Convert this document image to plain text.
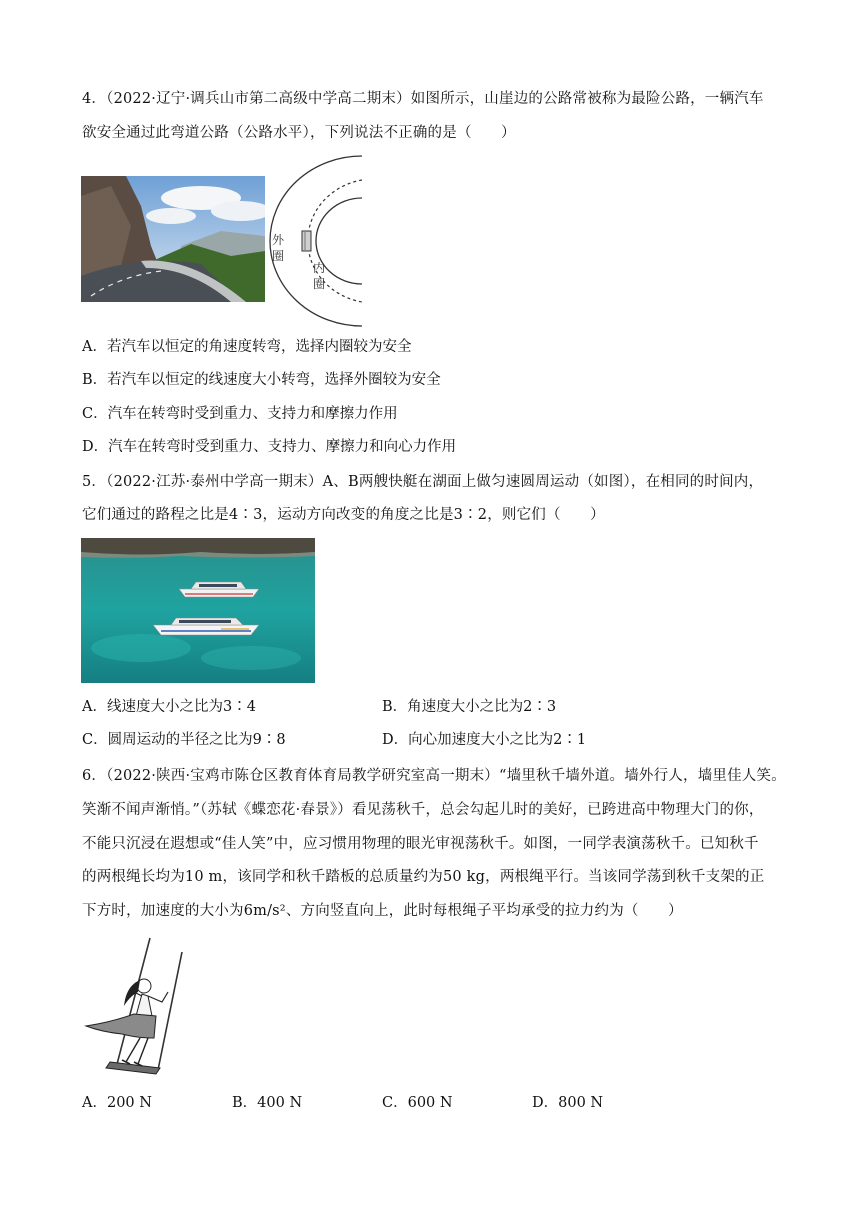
4．（2022·辽宁·调兵山市第二高级中学高二期末）如图所示，山崖边的公路常被称为最险公路，一辆汽车
欲安全通过此弯道公路（公路水平），下列说法不正确的是（　　）
外圈
内圈
A．若汽车以恒定的角速度转弯，选择内圈较为安全
B．若汽车以恒定的线速度大小转弯，选择外圈较为安全
C．汽车在转弯时受到重力、支持力和摩擦力作用
D．汽车在转弯时受到重力、支持力、摩擦力和向心力作用
5．（2022·江苏·泰州中学高一期末）A、B两艘快艇在湖面上做匀速圆周运动（如图），在相同的时间内，
它们通过的路程之比是4∶3，运动方向改变的角度之比是3∶2，则它们（　　）
A．线速度大小之比为3∶4	B．角速度大小之比为2∶3
C．圆周运动的半径之比为9∶8	D．向心加速度大小之比为2∶1
6．（2022·陕西·宝鸡市陈仓区教育体育局教学研究室高一期末）“墙里秋千墙外道。墙外行人，墙里佳人笑。
笑渐不闻声渐悄。”（苏轼《蝶恋花·春景》）看见荡秋千，总会勾起儿时的美好，已跨进高中物理大门的你，
不能只沉浸在遐想或“佳人笑”中，应习惯用物理的眼光审视荡秋千。如图，一同学表演荡秋千。已知秋千
的两根绳长均为10 m，该同学和秋千踏板的总质量约为50 kg，两根绳平行。当该同学荡到秋千支架的正
下方时，加速度的大小为6m/s²、方向竖直向上，此时每根绳子平均承受的拉力约为（　　）
A．200 N	B．400 N	C．600 N	D．800 N
